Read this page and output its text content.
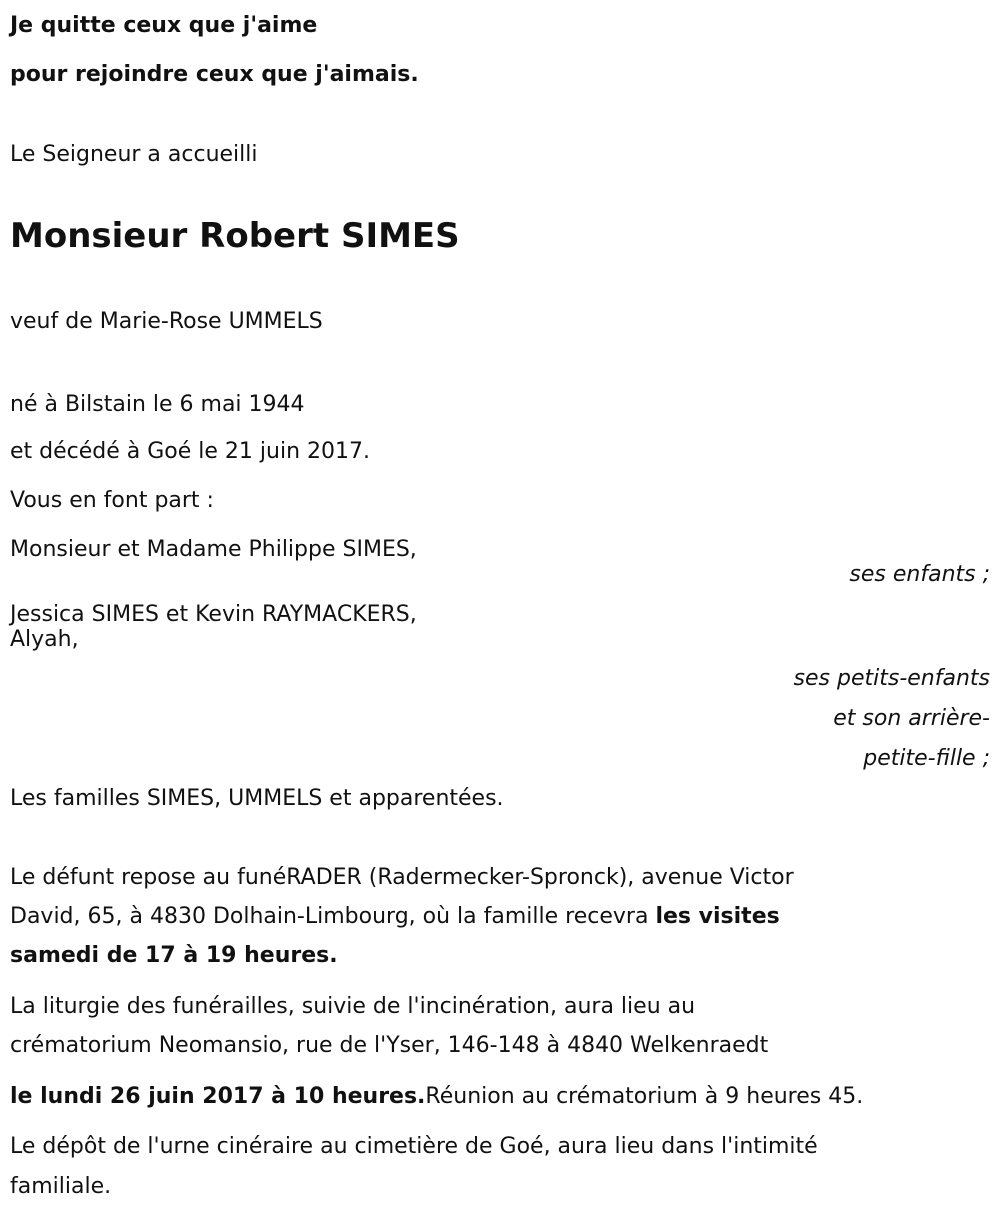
Je quitte ceux que j'aime
pour rejoindre ceux que j'aimais.
Le Seigneur a accueilli
Monsieur Robert SIMES
veuf de Marie-Rose UMMELS
né à Bilstain le 6 mai 1944
et décédé à Goé le 21 juin 2017.
Vous en font part :
Monsieur et Madame Philippe SIMES,
ses enfants ;
Jessica SIMES et Kevin RAYMACKERS,
Alyah,
ses petits-enfants
et son arrière-
petite-fille ;
Les familles SIMES, UMMELS et apparentées.
Le défunt repose au funéRADER (Radermecker-Spronck), avenue Victor
David, 65, à 4830 Dolhain-Limbourg, où la famille recevra les visites
samedi de 17 à 19 heures.
La liturgie des funérailles, suivie de l'incinération, aura lieu au
crématorium Neomansio, rue de l'Yser, 146-148 à 4840 Welkenraedt
le lundi 26 juin 2017 à 10 heures.Réunion au crématorium à 9 heures 45.
Le dépôt de l'urne cinéraire au cimetière de Goé, aura lieu dans l'intimité
familiale.
